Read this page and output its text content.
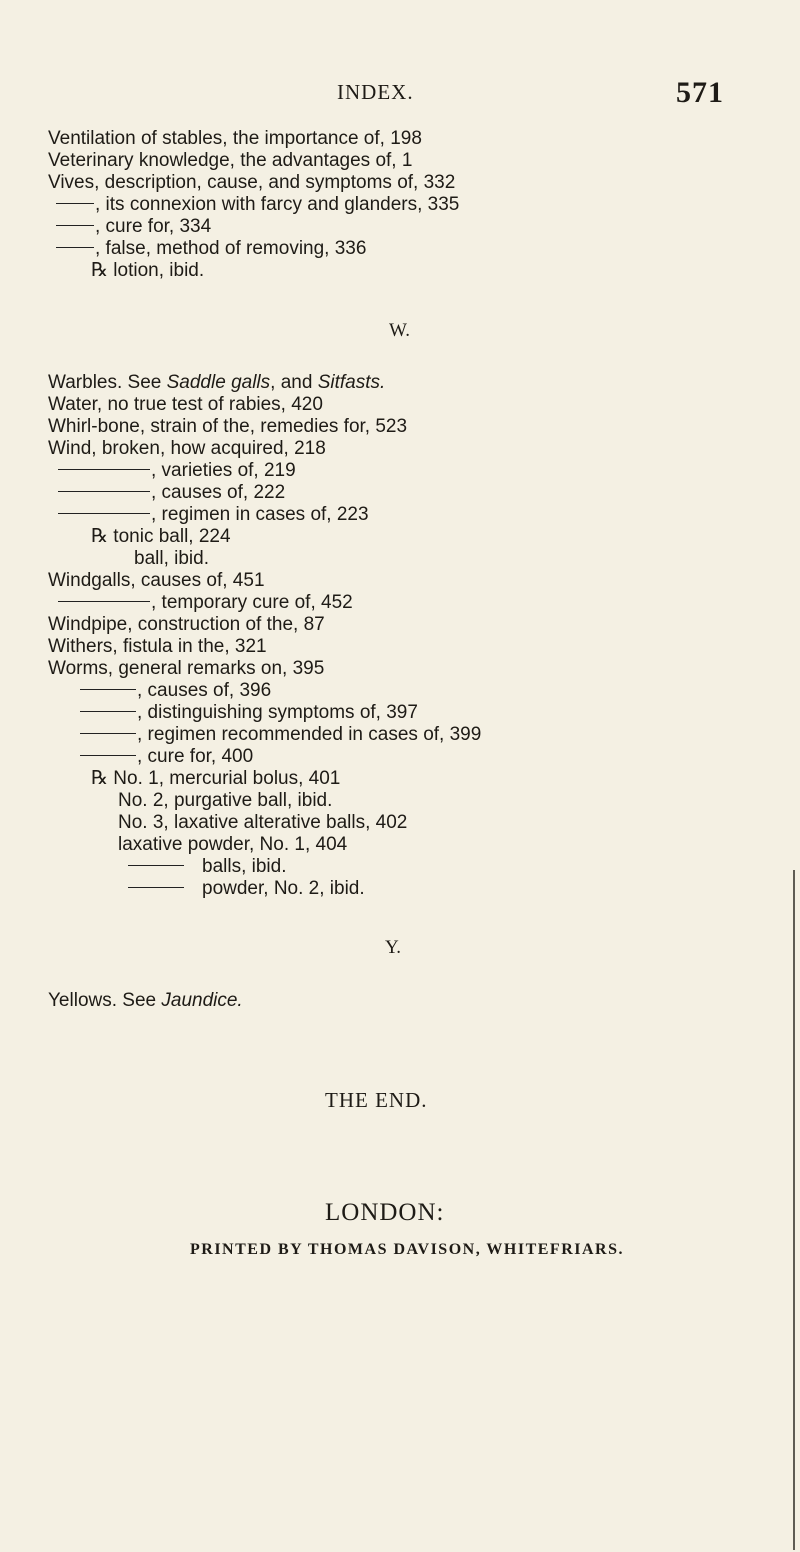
INDEX.	571
Ventilation of stables, the importance of, 198
Veterinary knowledge, the advantages of, 1
Vives, description, cause, and symptoms of, 332
, its connexion with farcy and glanders, 335
, cure for, 334
, false, method of removing, 336
℞ lotion, ibid.
W.
Warbles. See Saddle galls, and Sitfasts.
Water, no true test of rabies, 420
Whirl-bone, strain of the, remedies for, 523
Wind, broken, how acquired, 218
, varieties of, 219
, causes of, 222
, regimen in cases of, 223
℞ tonic ball, 224
ball, ibid.
Windgalls, causes of, 451
, temporary cure of, 452
Windpipe, construction of the, 87
Withers, fistula in the, 321
Worms, general remarks on, 395
, causes of, 396
, distinguishing symptoms of, 397
, regimen recommended in cases of, 399
, cure for, 400
℞ No. 1, mercurial bolus, 401
No. 2, purgative ball, ibid.
No. 3, laxative alterative balls, 402
laxative powder, No. 1, 404
balls, ibid.
powder, No. 2, ibid.
Y.
Yellows. See Jaundice.
THE END.
LONDON:
PRINTED BY THOMAS DAVISON, WHITEFRIARS.
